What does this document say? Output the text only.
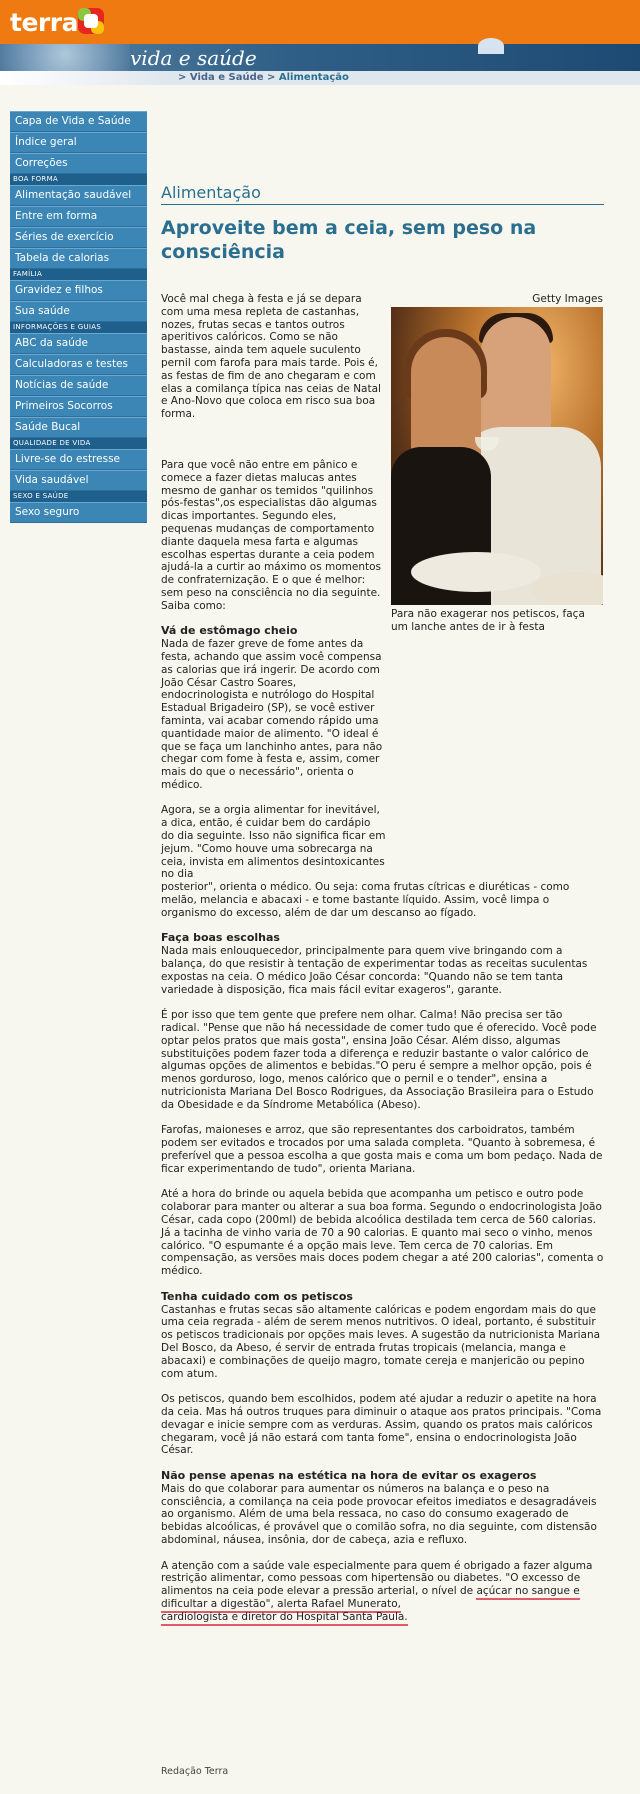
terra
vida e saúde
> Vida e Saúde > Alimentação
Capa de Vida e Saúde
Índice geral
Correções
BOA FORMA
Alimentação saudável
Entre em forma
Séries de exercício
Tabela de calorias
FAMÍLIA
Gravidez e filhos
Sua saúde
INFORMAÇÕES E GUIAS
ABC da saúde
Calculadoras e testes
Notícias de saúde
Primeiros Socorros
Saúde Bucal
QUALIDADE DE VIDA
Livre-se do estresse
Vida saudável
SEXO E SAÚDE
Sexo seguro
Alimentação
Aproveite bem a ceia, sem peso na consciência
Getty Images
Para não exagerar nos petiscos, faça um lanche antes de ir à festa

Você mal chega à festa e já se depara com uma mesa repleta de castanhas, nozes, frutas secas e tantos outros aperitivos calóricos. Como se não bastasse, ainda tem aquele suculento pernil com farofa para mais tarde. Pois é, as festas de fim de ano chegaram e com elas a comilança típica nas ceias de Natal e Ano-Novo que coloca em risco sua boa forma.

Para que você não entre em pânico e comece a fazer dietas malucas antes mesmo de ganhar os temidos "quilinhos pós-festas",os especialistas dão algumas dicas importantes. Segundo eles, pequenas mudanças de comportamento diante daquela mesa farta e algumas escolhas espertas durante a ceia podem ajudá-la a curtir ao máximo os momentos de confraternização. E o que é melhor: sem peso na consciência no dia seguinte. Saiba como:

Vá de estômago cheio

Nada de fazer greve de fome antes da festa, achando que assim você compensa as calorias que irá ingerir. De acordo com João César Castro Soares, endocrinologista e nutrólogo do Hospital Estadual Brigadeiro (SP), se você estiver faminta, vai acabar comendo rápido uma quantidade maior de alimento. "O ideal é que se faça um lanchinho antes, para não chegar com fome à festa e, assim, comer mais do que o necessário", orienta o médico.

Agora, se a orgia alimentar for inevitável, a dica, então, é cuidar bem do cardápio do dia seguinte. Isso não significa ficar em jejum. "Como houve uma sobrecarga na ceia, invista em alimentos desintoxicantes no dia
posterior", orienta o médico. Ou seja: coma frutas cítricas e diuréticas - como melão, melancia e abacaxi - e tome bastante líquido. Assim, você limpa o organismo do excesso, além de dar um descanso ao fígado.

Faça boas escolhas

Nada mais enlouquecedor, principalmente para quem vive bringando com a balança, do que resistir à tentação de experimentar todas as receitas suculentas expostas na ceia. O médico João César concorda: "Quando não se tem tanta variedade à disposição, fica mais fácil evitar exageros", garante.

É por isso que tem gente que prefere nem olhar. Calma! Não precisa ser tão radical. "Pense que não há necessidade de comer tudo que é oferecido. Você pode optar pelos pratos que mais gosta", ensina João César. Além disso, algumas substituições podem fazer toda a diferença e reduzir bastante o valor calórico de algumas opções de alimentos e bebidas."O peru é sempre a melhor opção, pois é menos gorduroso, logo, menos calórico que o pernil e o tender", ensina a nutricionista Mariana Del Bosco Rodrigues, da Associação Brasileira para o Estudo da Obesidade e da Síndrome Metabólica (Abeso).

Farofas, maioneses e arroz, que são representantes dos carboidratos, também podem ser evitados e trocados por uma salada completa. "Quanto à sobremesa, é preferível que a pessoa escolha a que gosta mais e coma um bom pedaço. Nada de ficar experimentando de tudo", orienta Mariana.

Até a hora do brinde ou aquela bebida que acompanha um petisco e outro pode colaborar para manter ou alterar a sua boa forma. Segundo o endocrinologista João César, cada copo (200ml) de bebida alcoólica destilada tem cerca de 560 calorias. Já a tacinha de vinho varia de 70 a 90 calorias. E quanto mai seco o vinho, menos calórico. "O espumante é a opção mais leve. Tem cerca de 70 calorias. Em compensação, as versões mais doces podem chegar a até 200 calorias", comenta o médico.

Tenha cuidado com os petiscos

Castanhas e frutas secas são altamente calóricas e podem engordam mais do que uma ceia regrada - além de serem menos nutritivos. O ideal, portanto, é substituir os petiscos tradicionais por opções mais leves. A sugestão da nutricionista Mariana Del Bosco, da Abeso, é servir de entrada frutas tropicais (melancia, manga e abacaxi) e combinações de queijo magro, tomate cereja e manjericão ou pepino com atum.

Os petiscos, quando bem escolhidos, podem até ajudar a reduzir o apetite na hora da ceia. Mas há outros truques para diminuir o ataque aos pratos principais. "Coma devagar e inicie sempre com as verduras. Assim, quando os pratos mais calóricos chegaram, você já não estará com tanta fome", ensina o endocrinologista João César.

Não pense apenas na estética na hora de evitar os exageros

Mais do que colaborar para aumentar os números na balança e o peso na consciência, a comilança na ceia pode provocar efeitos imediatos e desagradáveis ao organismo. Além de uma bela ressaca, no caso do consumo exagerado de bebidas alcoólicas, é provável que o comilão sofra, no dia seguinte, com distensão abdominal, náusea, insônia, dor de cabeça, azia e refluxo.

A atenção com a saúde vale especialmente para quem é obrigado a fazer alguma restrição alimentar, como pessoas com hipertensão ou diabetes. "O excesso de alimentos na ceia pode elevar a pressão arterial, o nível de açúcar no sangue e dificultar a digestão", alerta Rafael Munerato,
cardiologista e diretor do Hospital Santa Paula.

Redação Terra
